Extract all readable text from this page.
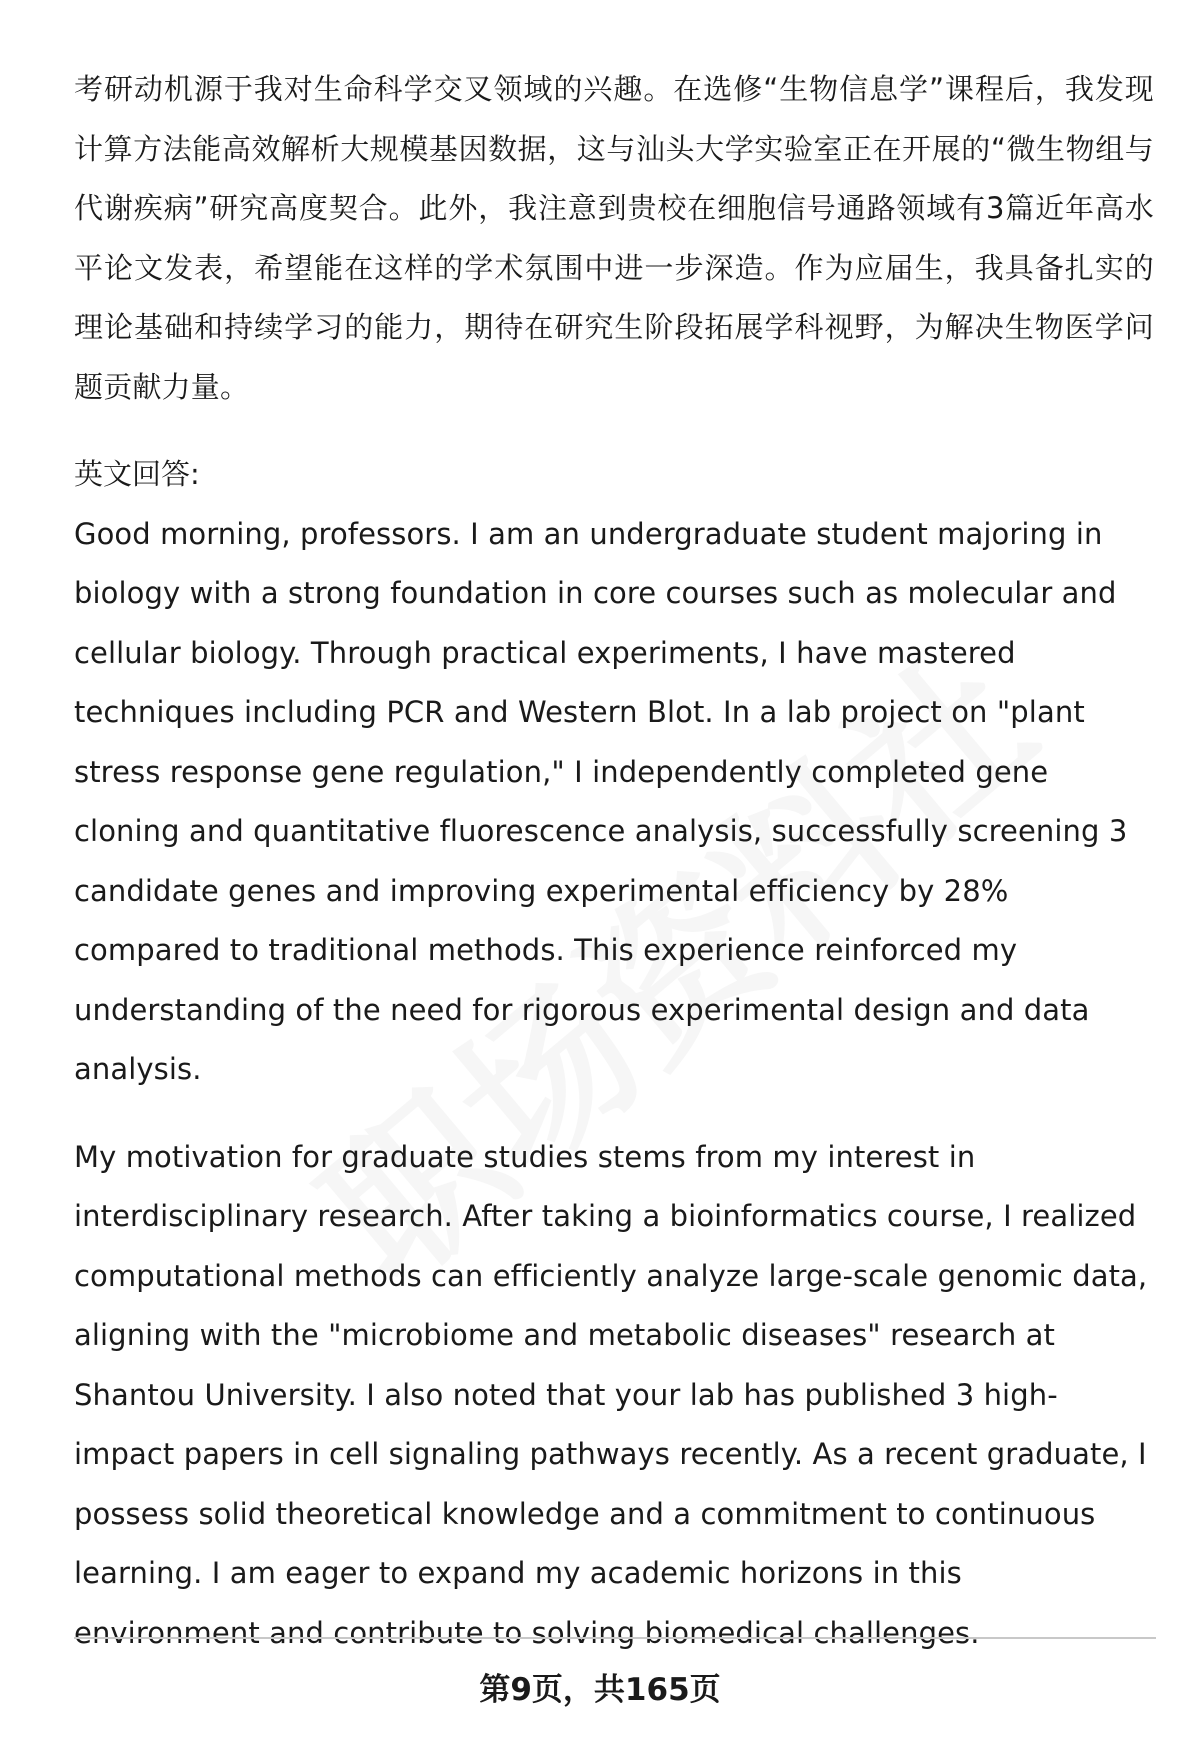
考研动机源于我对生命科学交叉领域的兴趣。在选修“生物信息学”课程后，我发现计算方法能高效解析大规模基因数据，这与汕头大学实验室正在开展的“微生物组与代谢疾病”研究高度契合。此外，我注意到贵校在细胞信号通路领域有3篇近年高水平论文发表，希望能在这样的学术氛围中进一步深造。作为应届生，我具备扎实的理论基础和持续学习的能力，期待在研究生阶段拓展学科视野，为解决生物医学问题贡献力量。

英文回答:

Good morning, professors. I am an undergraduate student majoring in biology with a strong foundation in core courses such as molecular and cellular biology. Through practical experiments, I have mastered techniques including PCR and Western Blot. In a lab project on "plant stress response gene regulation," I independently completed gene cloning and quantitative fluorescence analysis, successfully screening 3 candidate genes and improving experimental efficiency by 28% compared to traditional methods. This experience reinforced my understanding of the need for rigorous experimental design and data analysis.

My motivation for graduate studies stems from my interest in interdisciplinary research. After taking a bioinformatics course, I realized computational methods can efficiently analyze large-scale genomic data, aligning with the "microbiome and metabolic diseases" research at Shantou University. I also noted that your lab has published 3 high-impact papers in cell signaling pathways recently. As a recent graduate, I possess solid theoretical knowledge and a commitment to continuous learning. I am eager to expand my academic horizons in this environment and contribute to solving biomedical challenges.

第9页，共165页
